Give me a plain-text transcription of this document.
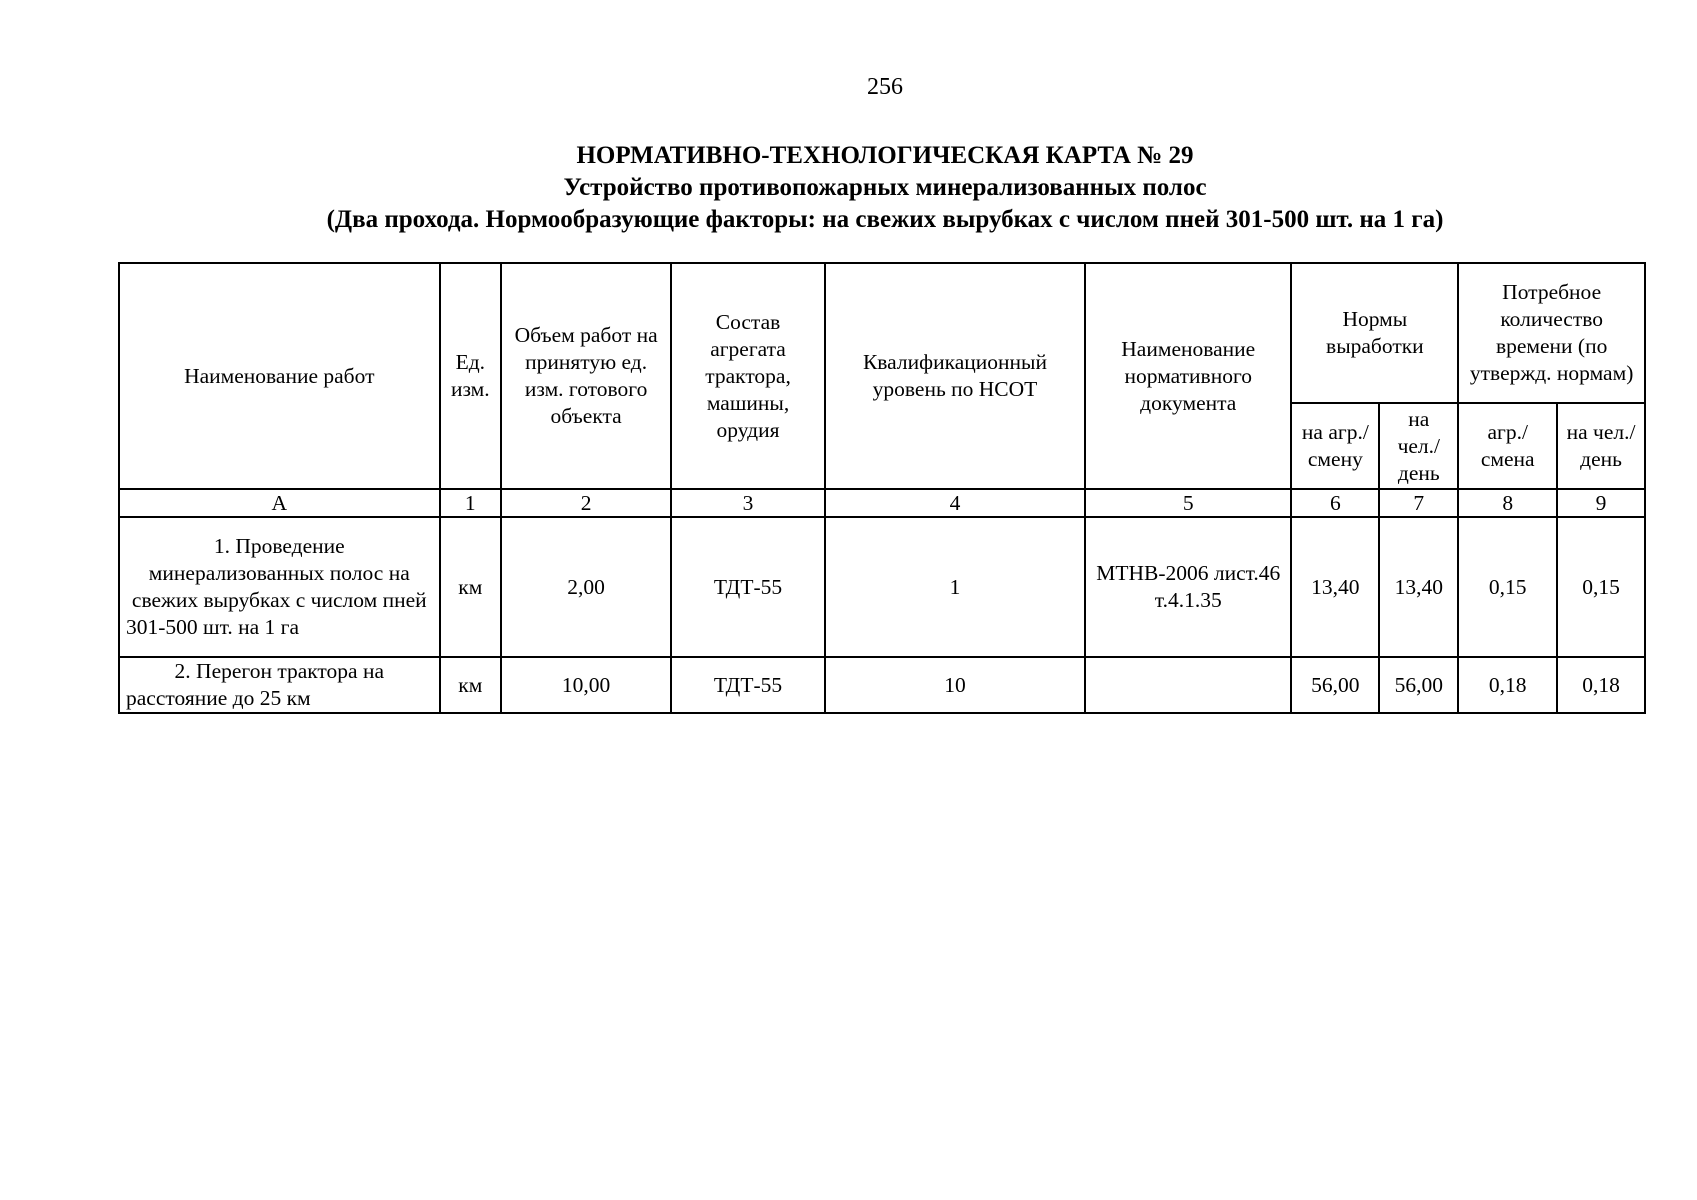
256
НОРМАТИВНО-ТЕХНОЛОГИЧЕСКАЯ КАРТА № 29
Устройство противопожарных минерализованных полос
(Два прохода. Нормообразующие факторы: на свежих вырубках с числом пней 301-500 шт. на 1 га)
Наименование работ	Ед. изм.	Объем работ на принятую ед. изм. готового объекта	Состав агрегата трактора, машины, орудия	Квалификационный уровень по НСОТ	Наименование нормативного документа	Нормы выработки		Потребное количество времени (по утвержд. нормам)	
						на агр./ смену	на чел./ день	агр./ смена	на чел./ день
А	1	2	3	4	5	6	7	8	9
1. Проведение минерализованных полос на свежих вырубках с числом пней 301-500 шт. на 1 га	км	2,00	ТДТ-55	1	МТНВ-2006 лист.46 т.4.1.35	13,40	13,40	0,15	0,15
2. Перегон трактора на расстояние до 25 км	км	10,00	ТДТ-55	10		56,00	56,00	0,18	0,18
